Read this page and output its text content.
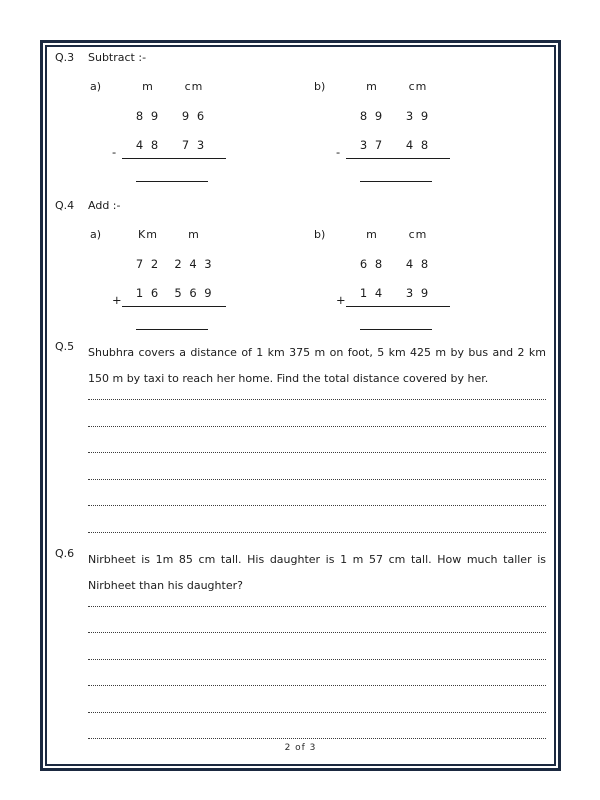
Q.3	Subtract :-
a)	m	cm
8 9	9 6
-	4 8	7 3
b)	m	cm
8 9	3 9
-	3 7	4 8
Q.4	Add :-
a)	Km	m
7 2	2 4 3
+	1 6	5 6 9
b)	m	cm
6 8	4 8
+	1 4	3 9
Q.5	Shubhra covers a distance of 1 km 375 m on foot, 5 km 425 m by bus and 2 km 150 m by taxi to reach her home. Find the total distance covered by her.

Q.6	Nirbheet is 1m 85 cm tall. His daughter is 1 m 57 cm tall. How much taller is Nirbheet than his daughter?

2 of 3
